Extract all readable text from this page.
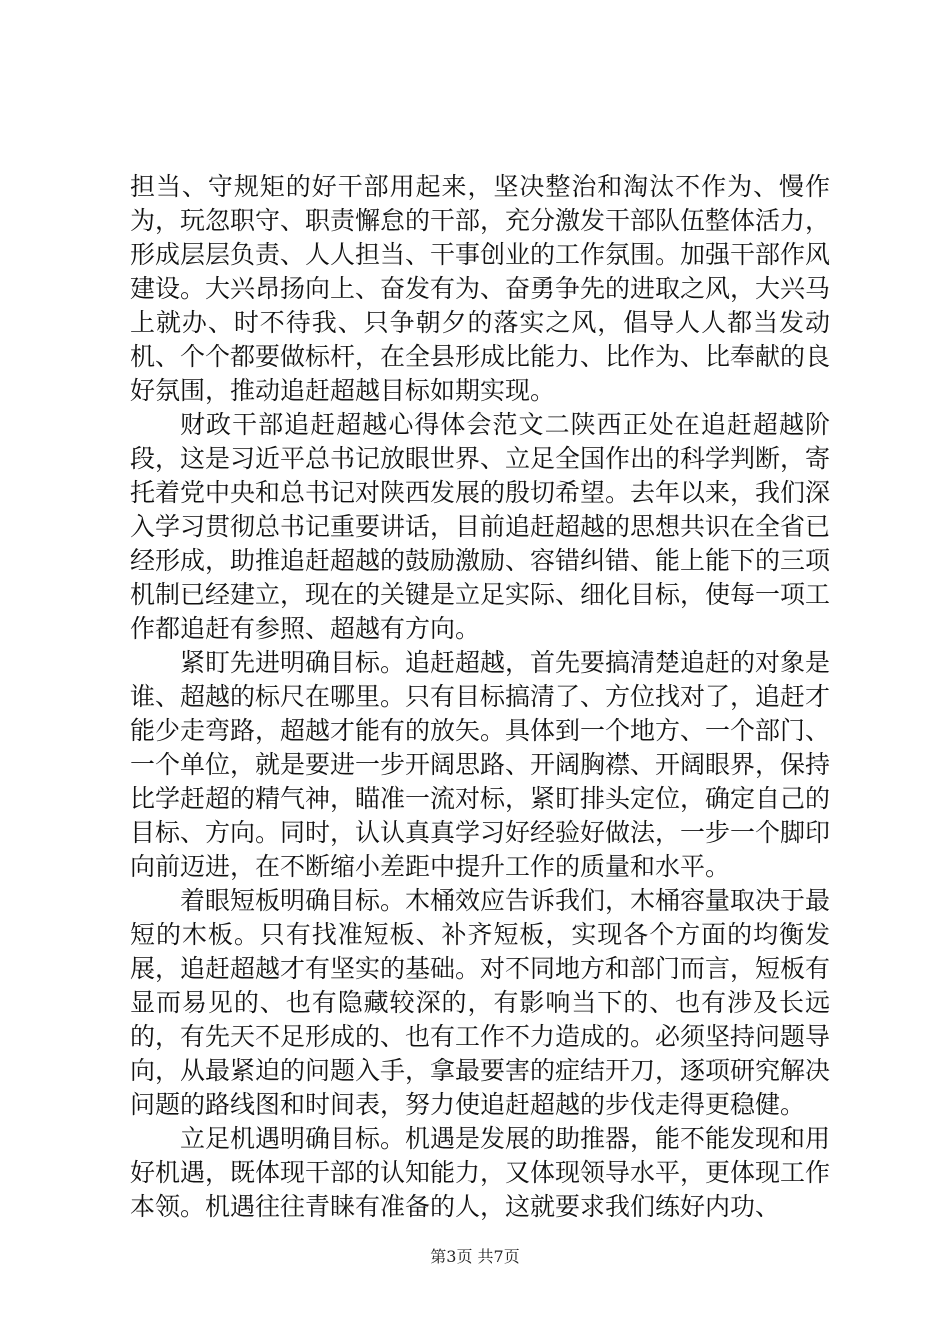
担当、守规矩的好干部用起来，坚决整治和淘汰不作为、慢作为，玩忽职守、职责懈怠的干部，充分激发干部队伍整体活力，形成层层负责、人人担当、干事创业的工作氛围。加强干部作风建设。大兴昂扬向上、奋发有为、奋勇争先的进取之风，大兴马上就办、时不待我、只争朝夕的落实之风，倡导人人都当发动机、个个都要做标杆，在全县形成比能力、比作为、比奉献的良好氛围，推动追赶超越目标如期实现。

财政干部追赶超越心得体会范文二陕西正处在追赶超越阶段，这是习近平总书记放眼世界、立足全国作出的科学判断，寄托着党中央和总书记对陕西发展的殷切希望。去年以来，我们深入学习贯彻总书记重要讲话，目前追赶超越的思想共识在全省已经形成，助推追赶超越的鼓励激励、容错纠错、能上能下的三项机制已经建立，现在的关键是立足实际、细化目标，使每一项工作都追赶有参照、超越有方向。

紧盯先进明确目标。追赶超越，首先要搞清楚追赶的对象是谁、超越的标尺在哪里。只有目标搞清了、方位找对了，追赶才能少走弯路，超越才能有的放矢。具体到一个地方、一个部门、一个单位，就是要进一步开阔思路、开阔胸襟、开阔眼界，保持比学赶超的精气神，瞄准一流对标，紧盯排头定位，确定自己的目标、方向。同时，认认真真学习好经验好做法，一步一个脚印向前迈进，在不断缩小差距中提升工作的质量和水平。

着眼短板明确目标。木桶效应告诉我们，木桶容量取决于最短的木板。只有找准短板、补齐短板，实现各个方面的均衡发展，追赶超越才有坚实的基础。对不同地方和部门而言，短板有显而易见的、也有隐藏较深的，有影响当下的、也有涉及长远的，有先天不足形成的、也有工作不力造成的。必须坚持问题导向，从最紧迫的问题入手，拿最要害的症结开刀，逐项研究解决问题的路线图和时间表，努力使追赶超越的步伐走得更稳健。

立足机遇明确目标。机遇是发展的助推器，能不能发现和用好机遇，既体现干部的认知能力，又体现领导水平，更体现工作本领。机遇往往青睐有准备的人，这就要求我们练好内功、

第3页 共7页
